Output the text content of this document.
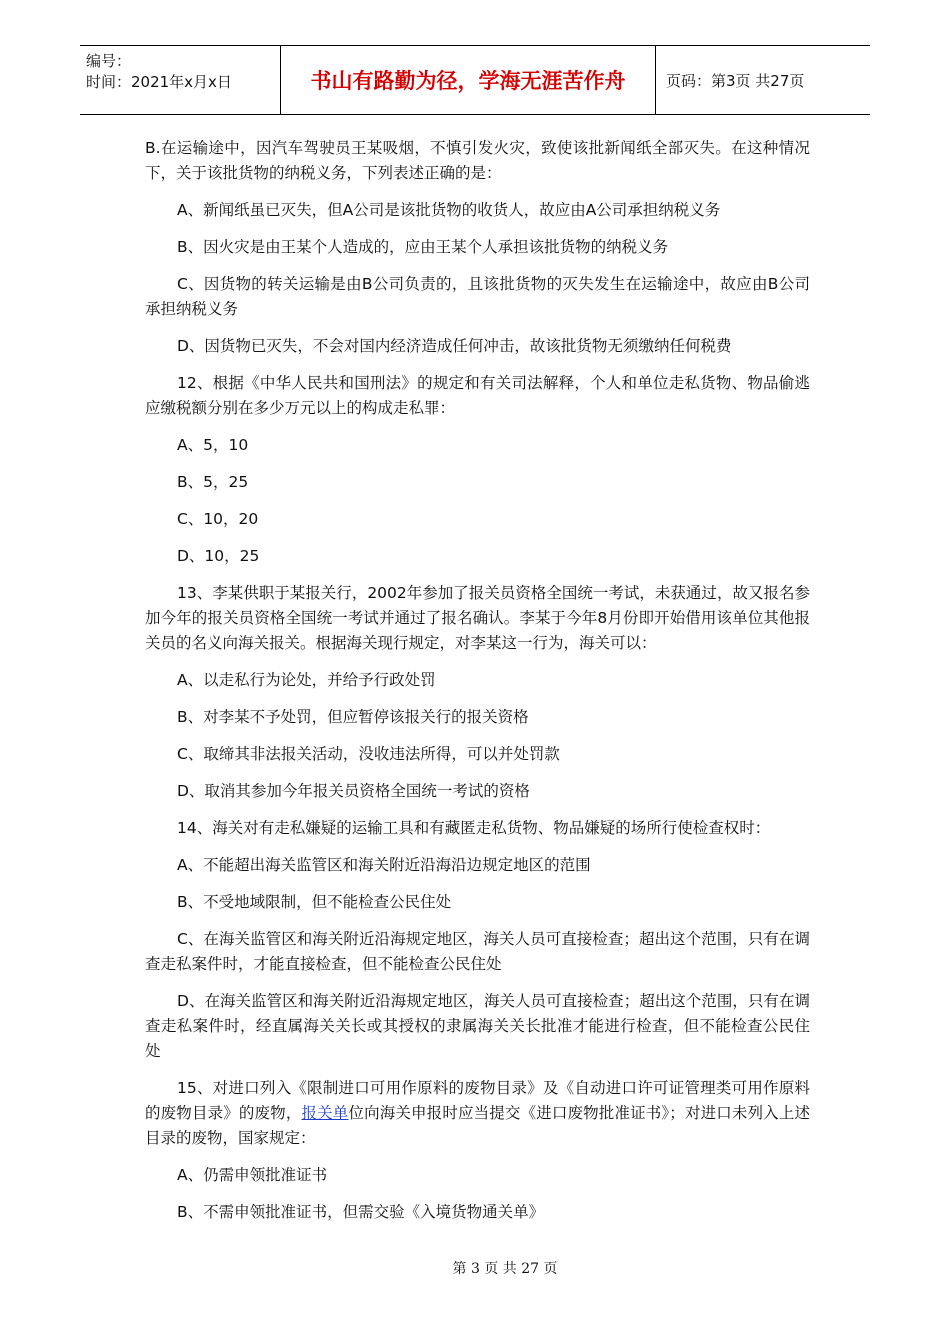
编号：
时间：2021年x月x日	书山有路勤为径，学海无涯苦作舟	页码：第3页 共27页

B.在运输途中，因汽车驾驶员王某吸烟，不慎引发火灾，致使该批新闻纸全部灭失。在这种情况下，关于该批货物的纳税义务，下列表述正确的是：

A、新闻纸虽已灭失，但A公司是该批货物的收货人，故应由A公司承担纳税义务

B、因火灾是由王某个人造成的，应由王某个人承担该批货物的纳税义务

C、因货物的转关运输是由B公司负责的，且该批货物的灭失发生在运输途中，故应由B公司承担纳税义务

D、因货物已灭失，不会对国内经济造成任何冲击，故该批货物无须缴纳任何税费

12、根据《中华人民共和国刑法》的规定和有关司法解释，个人和单位走私货物、物品偷逃应缴税额分别在多少万元以上的构成走私罪：

A、5，10

B、5，25

C、10，20

D、10，25

13、李某供职于某报关行，2002年参加了报关员资格全国统一考试，未获通过，故又报名参加今年的报关员资格全国统一考试并通过了报名确认。李某于今年8月份即开始借用该单位其他报关员的名义向海关报关。根据海关现行规定，对李某这一行为，海关可以：

A、以走私行为论处，并给予行政处罚

B、对李某不予处罚，但应暂停该报关行的报关资格

C、取缔其非法报关活动，没收违法所得，可以并处罚款

D、取消其参加今年报关员资格全国统一考试的资格

14、海关对有走私嫌疑的运输工具和有藏匿走私货物、物品嫌疑的场所行使检查权时：

A、不能超出海关监管区和海关附近沿海沿边规定地区的范围

B、不受地域限制，但不能检查公民住处

C、在海关监管区和海关附近沿海规定地区，海关人员可直接检查；超出这个范围，只有在调查走私案件时，才能直接检查，但不能检查公民住处

D、在海关监管区和海关附近沿海规定地区，海关人员可直接检查；超出这个范围，只有在调查走私案件时，经直属海关关长或其授权的隶属海关关长批准才能进行检查，但不能检查公民住处

15、对进口列入《限制进口可用作原料的废物目录》及《自动进口许可证管理类可用作原料的废物目录》的废物，报关单位向海关申报时应当提交《进口废物批准证书》；对进口未列入上述目录的废物，国家规定：

A、仍需申领批准证书

B、不需申领批准证书，但需交验《入境货物通关单》

第 3 页 共 27 页
